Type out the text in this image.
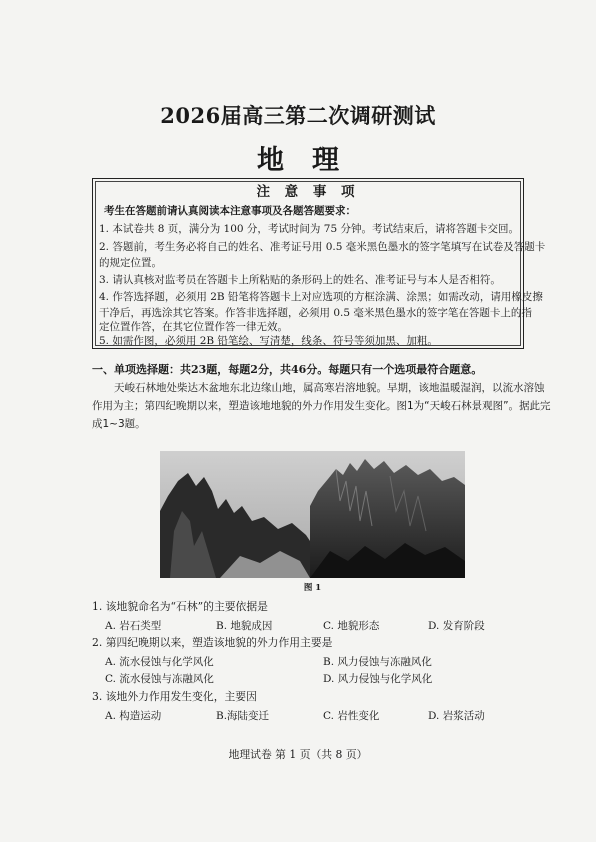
2026届高三第二次调研测试
地理
注 意 事 项
考生在答题前请认真阅读本注意事项及各题答题要求：
1. 本试卷共 8 页，满分为 100 分，考试时间为 75 分钟。考试结束后，请将答题卡交回。
2. 答题前，考生务必将自己的姓名、准考证号用 0.5 毫米黑色墨水的签字笔填写在试卷及答题卡
的规定位置。
3. 请认真核对监考员在答题卡上所粘贴的条形码上的姓名、准考证号与本人是否相符。
4. 作答选择题，必须用 2B 铅笔将答题卡上对应选项的方框涂满、涂黑；如需改动，请用橡皮擦
干净后，再选涂其它答案。作答非选择题，必须用 0.5 毫米黑色墨水的签字笔在答题卡上的指
定位置作答，在其它位置作答一律无效。
5. 如需作图，必须用 2B 铅笔绘、写清楚，线条、符号等须加黑、加粗。
一、单项选择题：共23题，每题2分，共46分。每题只有一个选项最符合题意。
天峻石林地处柴达木盆地东北边缘山地，属高寒岩溶地貌。早期，该地温暖湿润，以流水溶蚀
作用为主；第四纪晚期以来，塑造该地地貌的外力作用发生变化。图1为“天峻石林景观图”。据此完
成1~3题。
图 1
1. 该地貌命名为“石林”的主要依据是
A. 岩石类型	B. 地貌成因	C. 地貌形态	D. 发育阶段
2. 第四纪晚期以来，塑造该地貌的外力作用主要是
A. 流水侵蚀与化学风化	B. 风力侵蚀与冻融风化
C. 流水侵蚀与冻融风化	D. 风力侵蚀与化学风化
3. 该地外力作用发生变化，主要因
A. 构造运动	B.海陆变迁	C. 岩性变化	D. 岩浆活动
地理试卷 第 1 页（共 8 页）
